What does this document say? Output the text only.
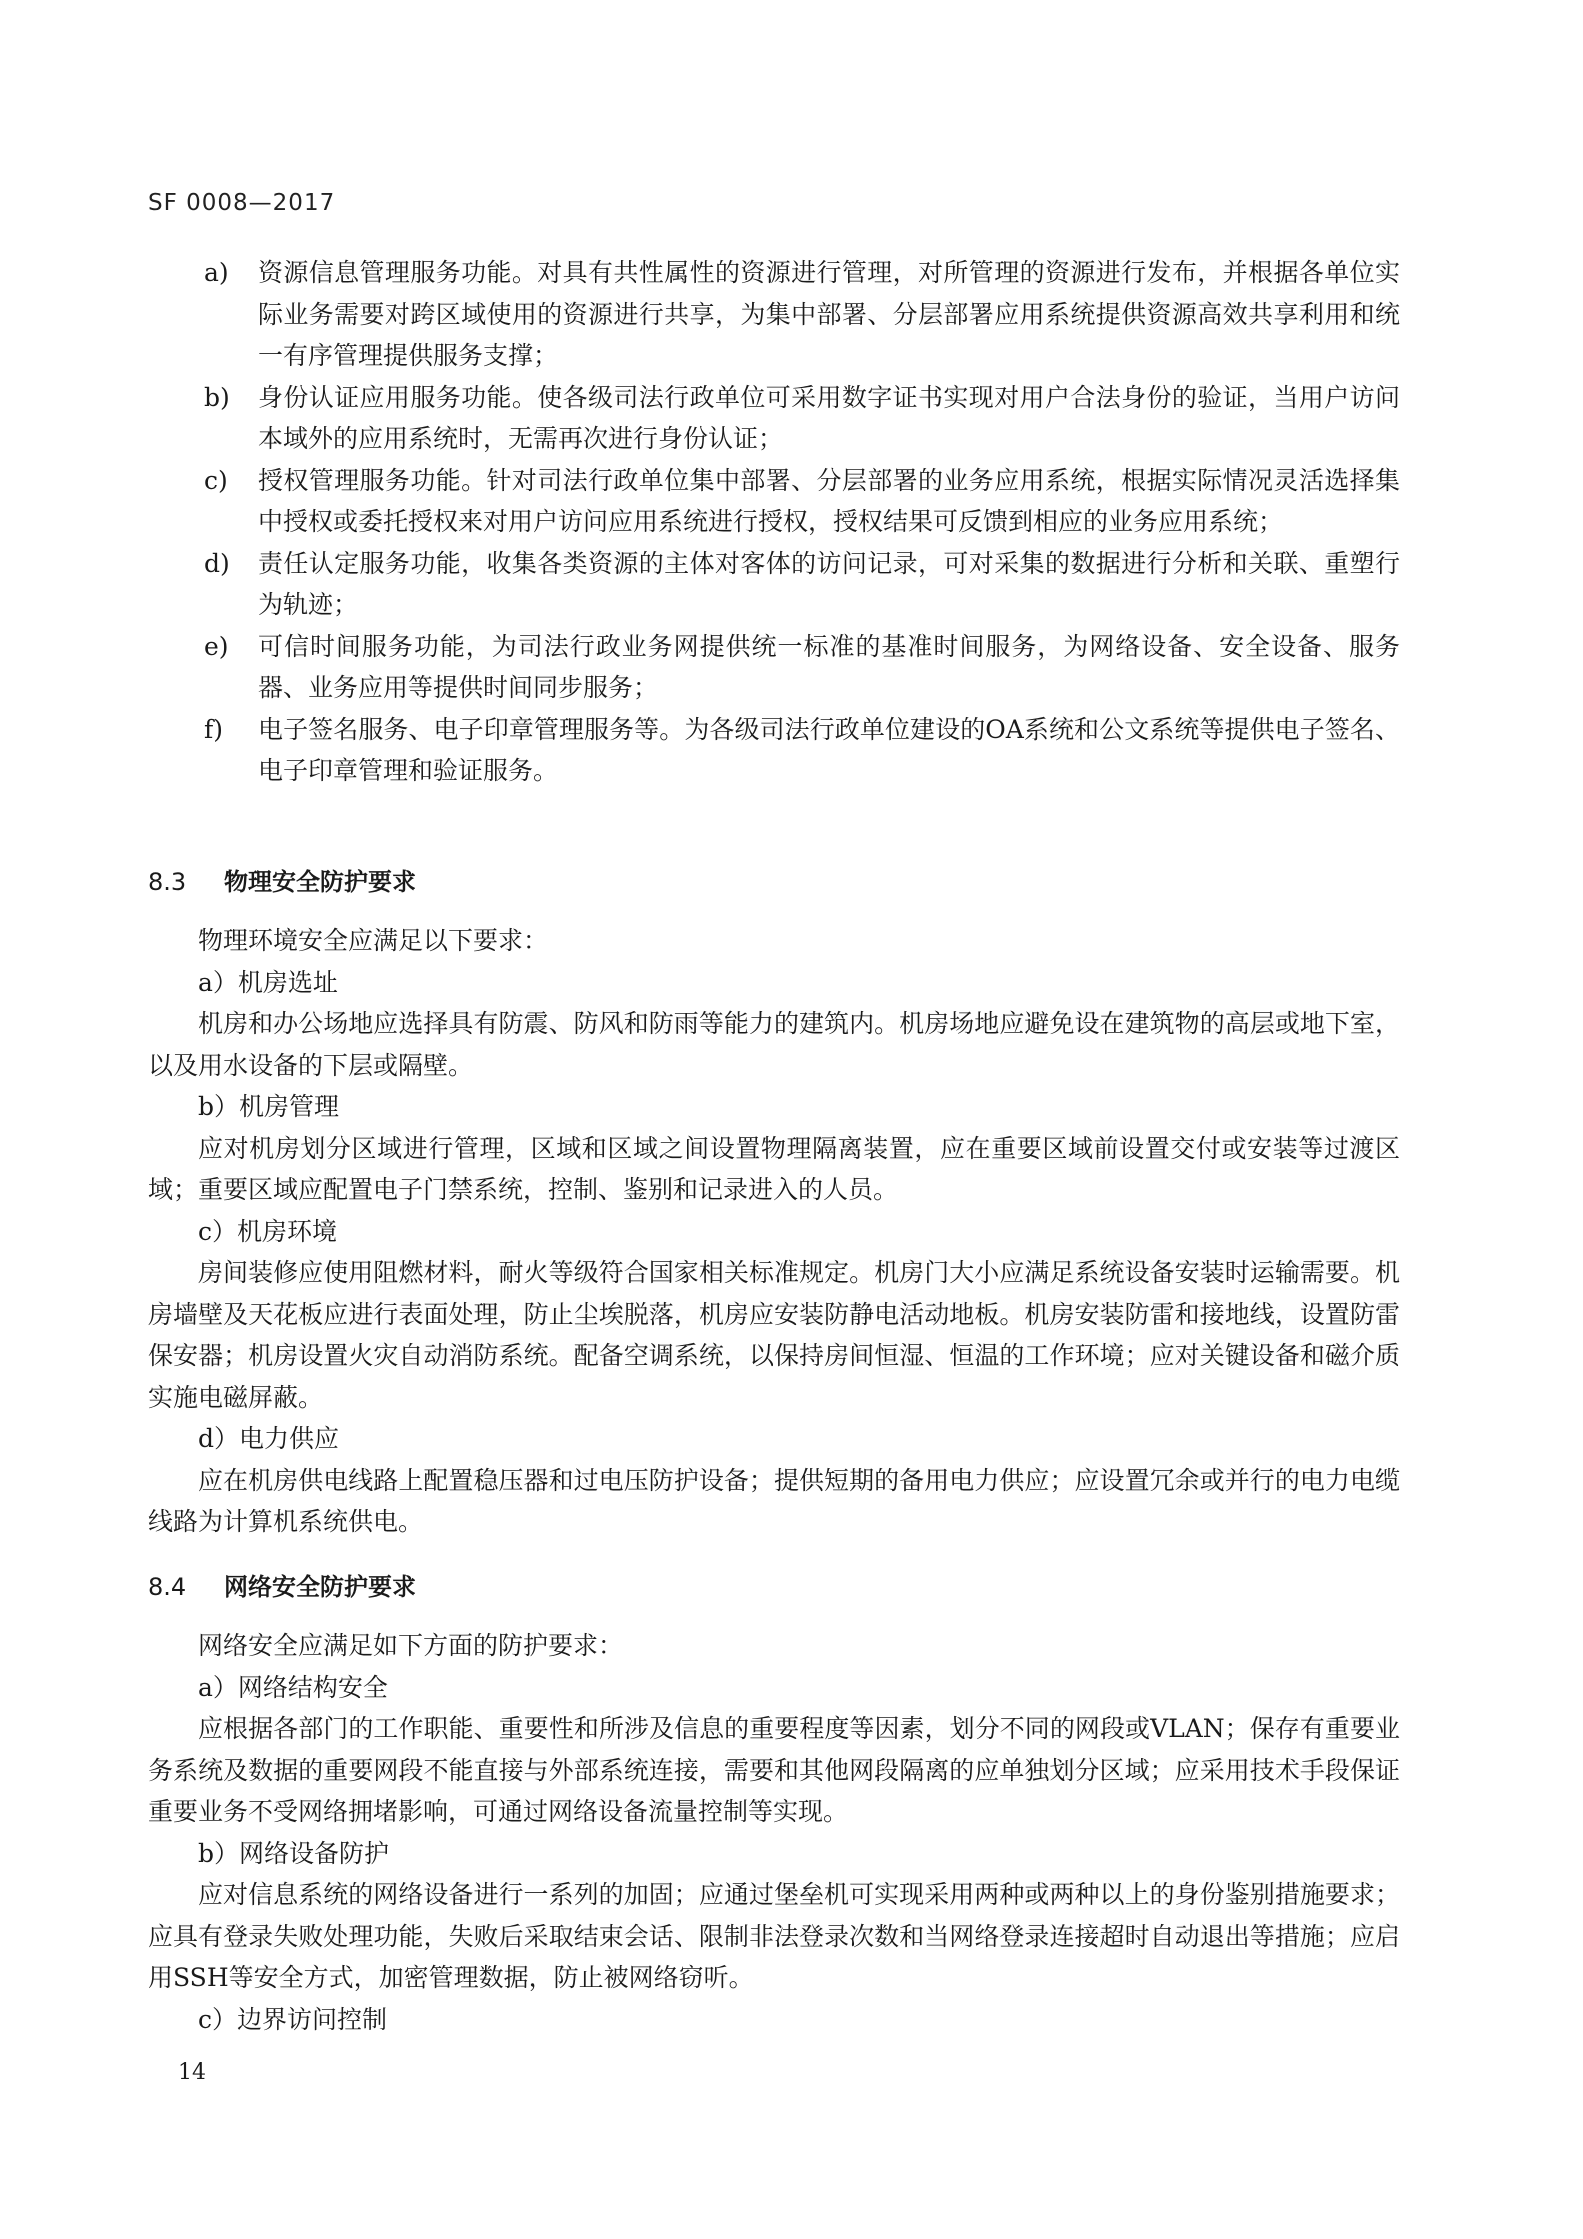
SF 0008—2017
a)	资源信息管理服务功能。对具有共性属性的资源进行管理，对所管理的资源进行发布，并根据各单位实际业务需要对跨区域使用的资源进行共享，为集中部署、分层部署应用系统提供资源高效共享利用和统一有序管理提供服务支撑；
b)	身份认证应用服务功能。使各级司法行政单位可采用数字证书实现对用户合法身份的验证，当用户访问本域外的应用系统时，无需再次进行身份认证；
c)	授权管理服务功能。针对司法行政单位集中部署、分层部署的业务应用系统，根据实际情况灵活选择集中授权或委托授权来对用户访问应用系统进行授权，授权结果可反馈到相应的业务应用系统；
d)	责任认定服务功能，收集各类资源的主体对客体的访问记录，可对采集的数据进行分析和关联、重塑行为轨迹；
e)	可信时间服务功能，为司法行政业务网提供统一标准的基准时间服务，为网络设备、安全设备、服务器、业务应用等提供时间同步服务；
f)	电子签名服务、电子印章管理服务等。为各级司法行政单位建设的OA系统和公文系统等提供电子签名、电子印章管理和验证服务。
8.3 物理安全防护要求
物理环境安全应满足以下要求：
a）机房选址
机房和办公场地应选择具有防震、防风和防雨等能力的建筑内。机房场地应避免设在建筑物的高层或地下室，以及用水设备的下层或隔壁。
b）机房管理
应对机房划分区域进行管理，区域和区域之间设置物理隔离装置，应在重要区域前设置交付或安装等过渡区域；重要区域应配置电子门禁系统，控制、鉴别和记录进入的人员。
c）机房环境
房间装修应使用阻燃材料，耐火等级符合国家相关标准规定。机房门大小应满足系统设备安装时运输需要。机房墙壁及天花板应进行表面处理，防止尘埃脱落，机房应安装防静电活动地板。机房安装防雷和接地线，设置防雷保安器；机房设置火灾自动消防系统。配备空调系统，以保持房间恒湿、恒温的工作环境；应对关键设备和磁介质实施电磁屏蔽。
d）电力供应
应在机房供电线路上配置稳压器和过电压防护设备；提供短期的备用电力供应；应设置冗余或并行的电力电缆线路为计算机系统供电。
8.4 网络安全防护要求
网络安全应满足如下方面的防护要求：
a）网络结构安全
应根据各部门的工作职能、重要性和所涉及信息的重要程度等因素，划分不同的网段或VLAN；保存有重要业务系统及数据的重要网段不能直接与外部系统连接，需要和其他网段隔离的应单独划分区域；应采用技术手段保证重要业务不受网络拥堵影响，可通过网络设备流量控制等实现。
b）网络设备防护
应对信息系统的网络设备进行一系列的加固；应通过堡垒机可实现采用两种或两种以上的身份鉴别措施要求；应具有登录失败处理功能，失败后采取结束会话、限制非法登录次数和当网络登录连接超时自动退出等措施；应启用SSH等安全方式，加密管理数据，防止被网络窃听。
c）边界访问控制
14
